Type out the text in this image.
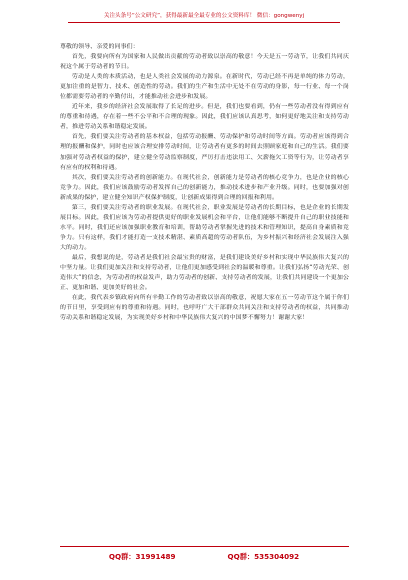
关注头条号“公文研究”，获得最新最全最专业的公文资料库！ 微信：gongwenyj

尊敬的领导、亲爱的同事们：

首先，我要向所有为国家和人民做出贡献的劳动者致以崇高的敬意！今天是五一劳动节，让我们共同庆祝这个属于劳动者的节日。

劳动是人类的本质活动，也是人类社会发展的动力源泉。在新时代，劳动已经不再是单纯的体力劳动，更加注重的是智力、技术、创造性的劳动。我们的生产和生活中无处不在劳动的身影，每一行业、每一个岗位都需要劳动者的辛勤付出，才能推动社会进步和发展。

近年来，我乡的经济社会发展取得了长足的进步。但是，我们也要看到，仍有一些劳动者没有得到应有的尊重和待遇，存在着一些不公平和不合理的现象。因此，我们应该认真思考，如何更好地关注和支持劳动者，推进劳动关系和谐稳定发展。

首先，我们要关注劳动者的基本权益，包括劳动报酬、劳动保护和劳动时间等方面。劳动者应该得到合理的报酬和保护，同时也应该合理安排劳动时间，让劳动者有更多的时间去照顾家庭和自己的生活。我们要加强对劳动者权益的保护，建立健全劳动监察制度，严厉打击违法用工、欠薪拖欠工资等行为，让劳动者享有应有的权利和待遇。

其次，我们要关注劳动者的创新能力。在现代社会，创新能力是劳动者的核心竞争力，也是企业的核心竞争力。因此，我们应该鼓励劳动者发挥自己的创新能力，推动技术进步和产业升级。同时，也要加强对创新成果的保护，建立健全知识产权保护制度，让创新成果得到合理的回报和利用。

第三，我们要关注劳动者的职业发展。在现代社会，职业发展是劳动者的长期目标，也是企业的长期发展目标。因此，我们应该为劳动者提供更好的职业发展机会和平台，让他们能够不断提升自己的职业技能和水平。同时，我们还应该加强职业教育和培训，帮助劳动者掌握先进的技术和管理知识，提高自身素质和竞争力。只有这样，我们才能打造一支技术精湛、素质高超的劳动者队伍，为乡村振兴和经济社会发展注入强大的动力。

最后，我想说的是，劳动者是我们社会最宝贵的财富，是我们建设美好乡村和实现中华民族伟大复兴的中坚力量。让我们更加关注和支持劳动者，让他们更加感受到社会的温暖和尊重。让我们弘扬“劳动光荣、创造伟大”的信念，为劳动者的权益发声，助力劳动者的创新、支持劳动者的发展，让我们共同建设一个更加公正、更加和谐、更加美好的社会。

在此，我代表乡镇政府向所有辛勤工作的劳动者致以崇高的敬意，祝愿大家在五一劳动节这个属于你们的节日里，享受到应有的尊重和待遇。同时，也呼吁广大干部群众共同关注和支持劳动者的权益，共同推动劳动关系和谐稳定发展，为实现美好乡村和中华民族伟大复兴的中国梦不懈努力！谢谢大家！

QQ群：31991489	QQ群：535304092
